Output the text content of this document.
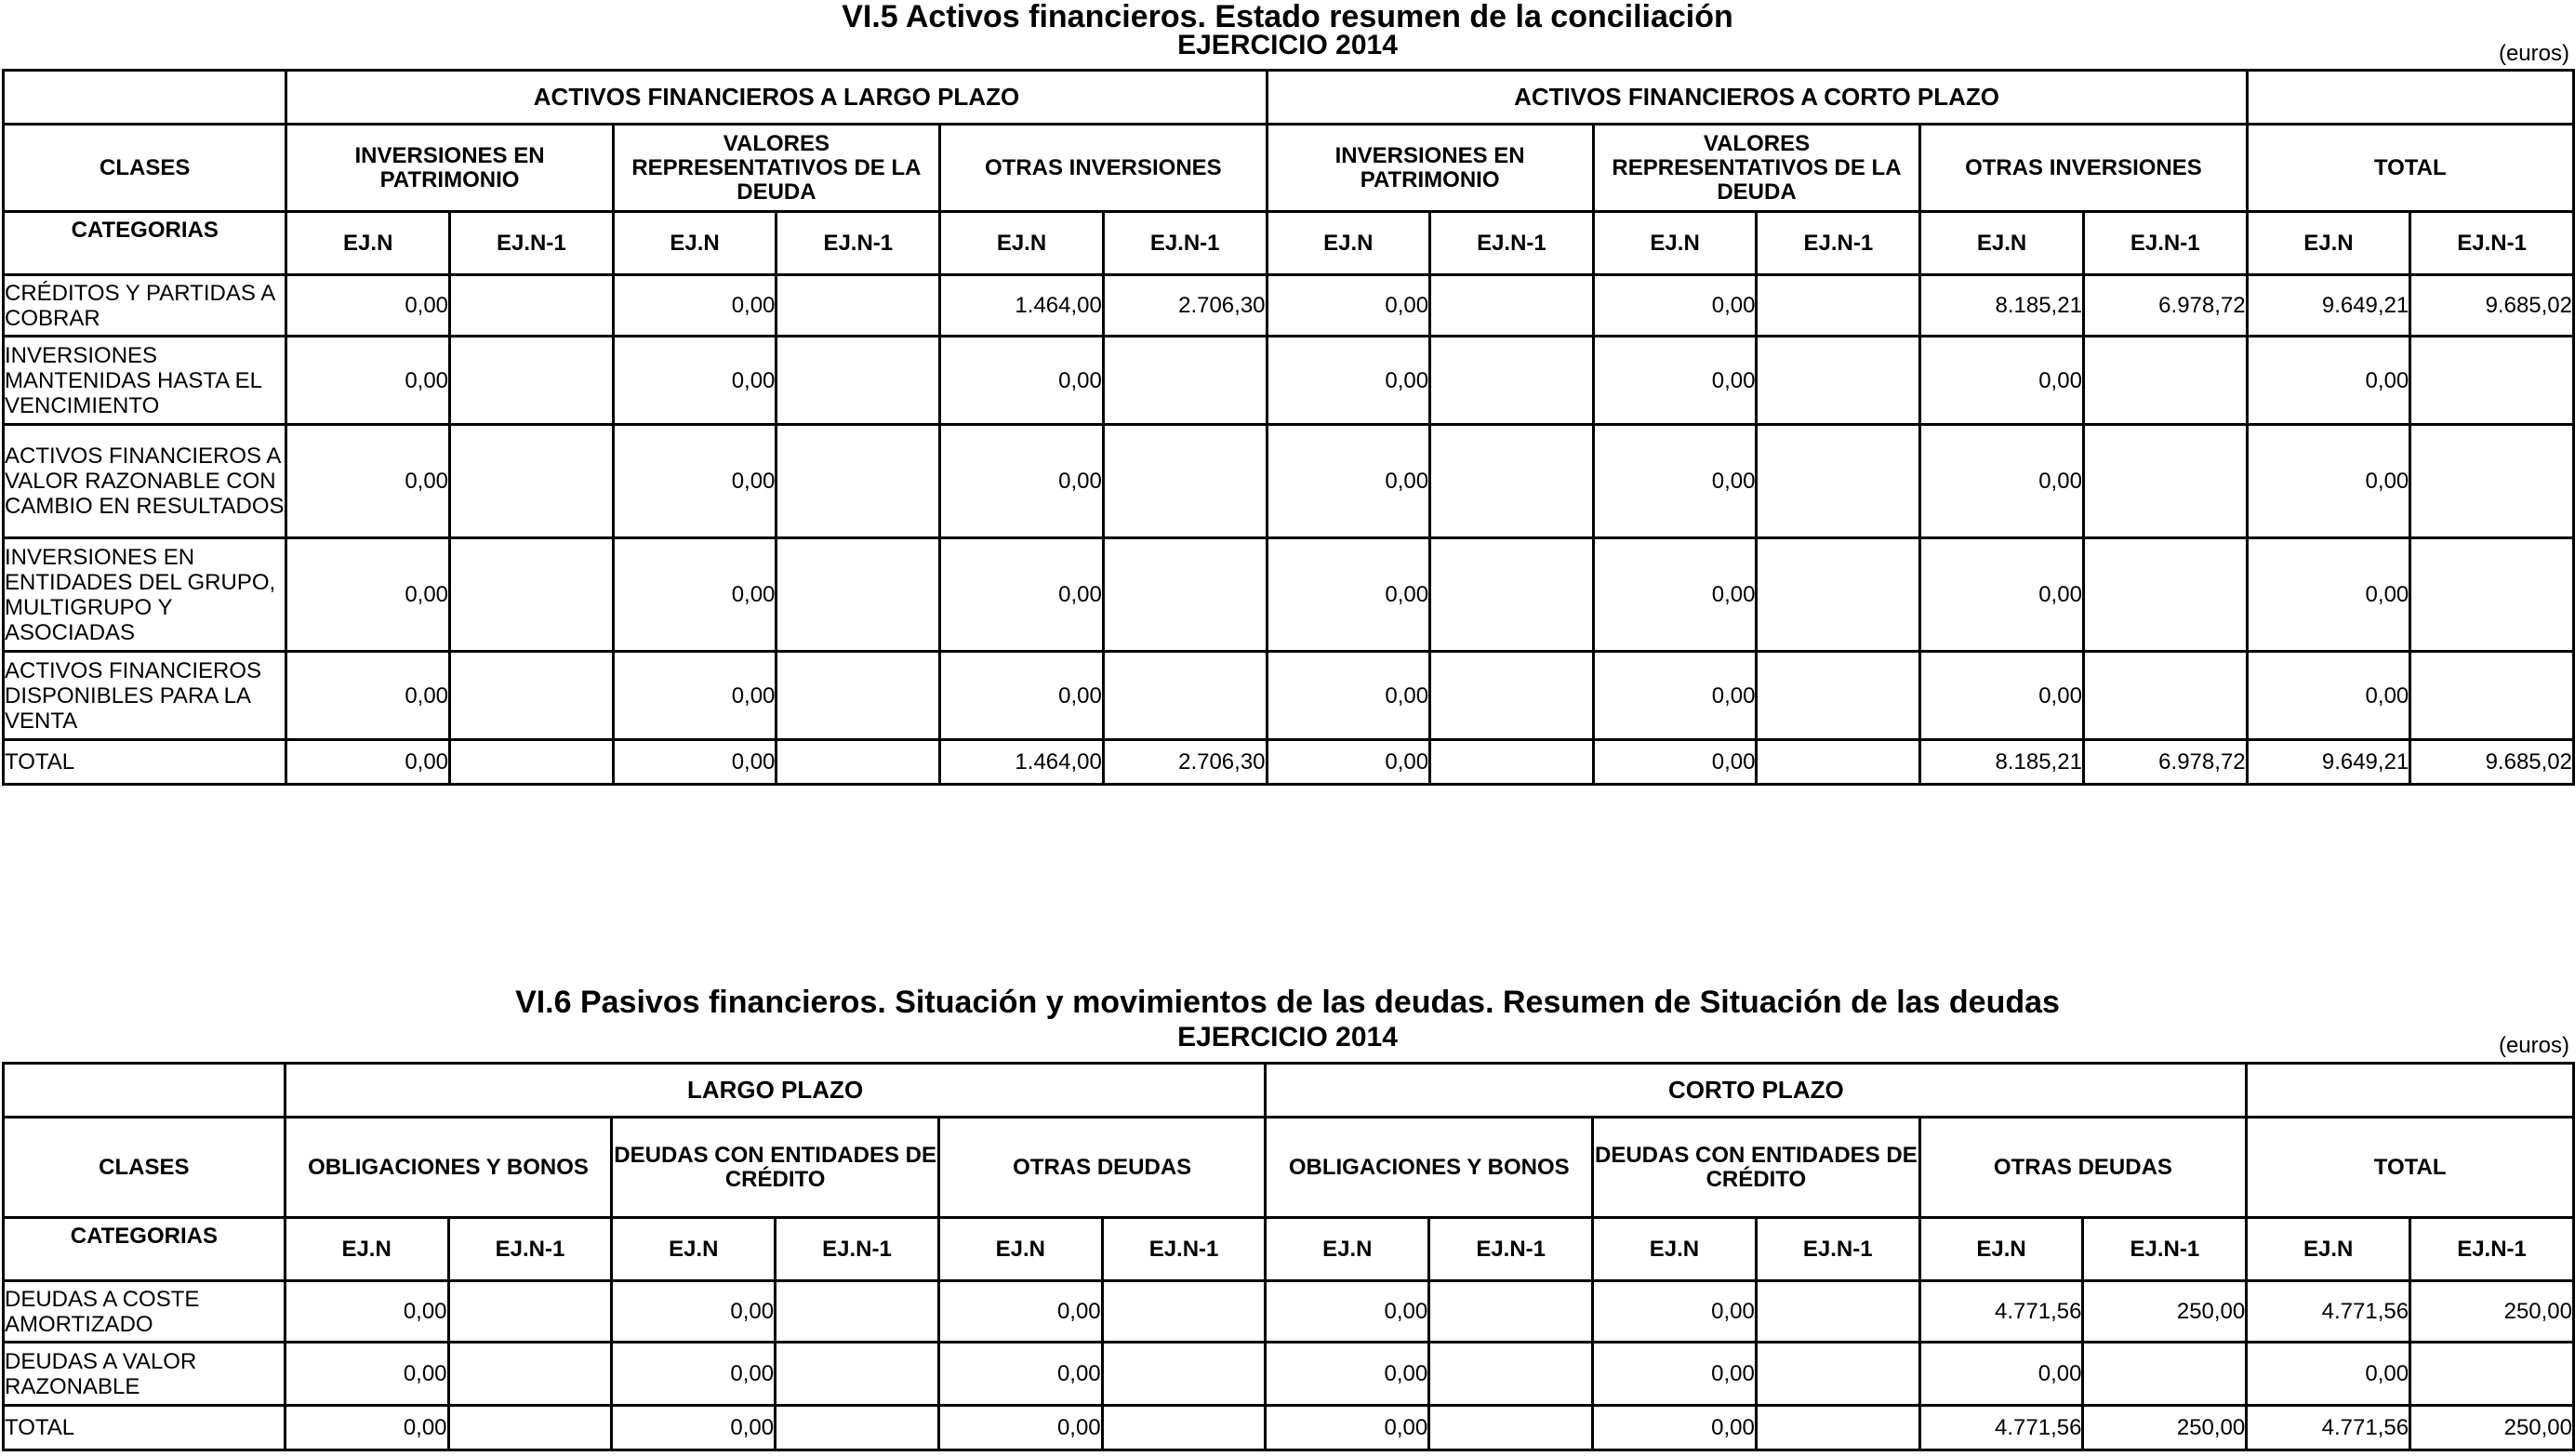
VI.5 Activos financieros. Estado resumen de la conciliación
EJERCICIO 2014	(euros)
	ACTIVOS FINANCIEROS A LARGO PLAZO						ACTIVOS FINANCIEROS A CORTO PLAZO							
CLASES	INVERSIONES EN PATRIMONIO		VALORES REPRESENTATIVOS DE LA DEUDA		OTRAS INVERSIONES		INVERSIONES EN PATRIMONIO		VALORES REPRESENTATIVOS DE LA DEUDA		OTRAS INVERSIONES		TOTAL	
CATEGORIAS	EJ.N	EJ.N-1	EJ.N	EJ.N-1	EJ.N	EJ.N-1	EJ.N	EJ.N-1	EJ.N	EJ.N-1	EJ.N	EJ.N-1	EJ.N	EJ.N-1
CRÉDITOS Y PARTIDAS A COBRAR	0,00		0,00		1.464,00	2.706,30	0,00		0,00		8.185,21	6.978,72	9.649,21	9.685,02
INVERSIONES MANTENIDAS HASTA EL VENCIMIENTO	0,00		0,00		0,00		0,00		0,00		0,00		0,00	
ACTIVOS FINANCIEROS A VALOR RAZONABLE CON CAMBIO EN RESULTADOS	0,00		0,00		0,00		0,00		0,00		0,00		0,00	
INVERSIONES EN ENTIDADES DEL GRUPO, MULTIGRUPO Y ASOCIADAS	0,00		0,00		0,00		0,00		0,00		0,00		0,00	
ACTIVOS FINANCIEROS DISPONIBLES PARA LA VENTA	0,00		0,00		0,00		0,00		0,00		0,00		0,00	
TOTAL	0,00		0,00		1.464,00	2.706,30	0,00		0,00		8.185,21	6.978,72	9.649,21	9.685,02
VI.6 Pasivos financieros. Situación y movimientos de las deudas. Resumen de Situación de las deudas
EJERCICIO 2014	(euros)
	LARGO PLAZO						CORTO PLAZO							
CLASES	OBLIGACIONES Y BONOS		DEUDAS CON ENTIDADES DE CRÉDITO		OTRAS DEUDAS		OBLIGACIONES Y BONOS		DEUDAS CON ENTIDADES DE CRÉDITO		OTRAS DEUDAS		TOTAL	
CATEGORIAS	EJ.N	EJ.N-1	EJ.N	EJ.N-1	EJ.N	EJ.N-1	EJ.N	EJ.N-1	EJ.N	EJ.N-1	EJ.N	EJ.N-1	EJ.N	EJ.N-1
DEUDAS A COSTE AMORTIZADO	0,00		0,00		0,00		0,00		0,00		4.771,56	250,00	4.771,56	250,00
DEUDAS A VALOR RAZONABLE	0,00		0,00		0,00		0,00		0,00		0,00		0,00	
TOTAL	0,00		0,00		0,00		0,00		0,00		4.771,56	250,00	4.771,56	250,00
